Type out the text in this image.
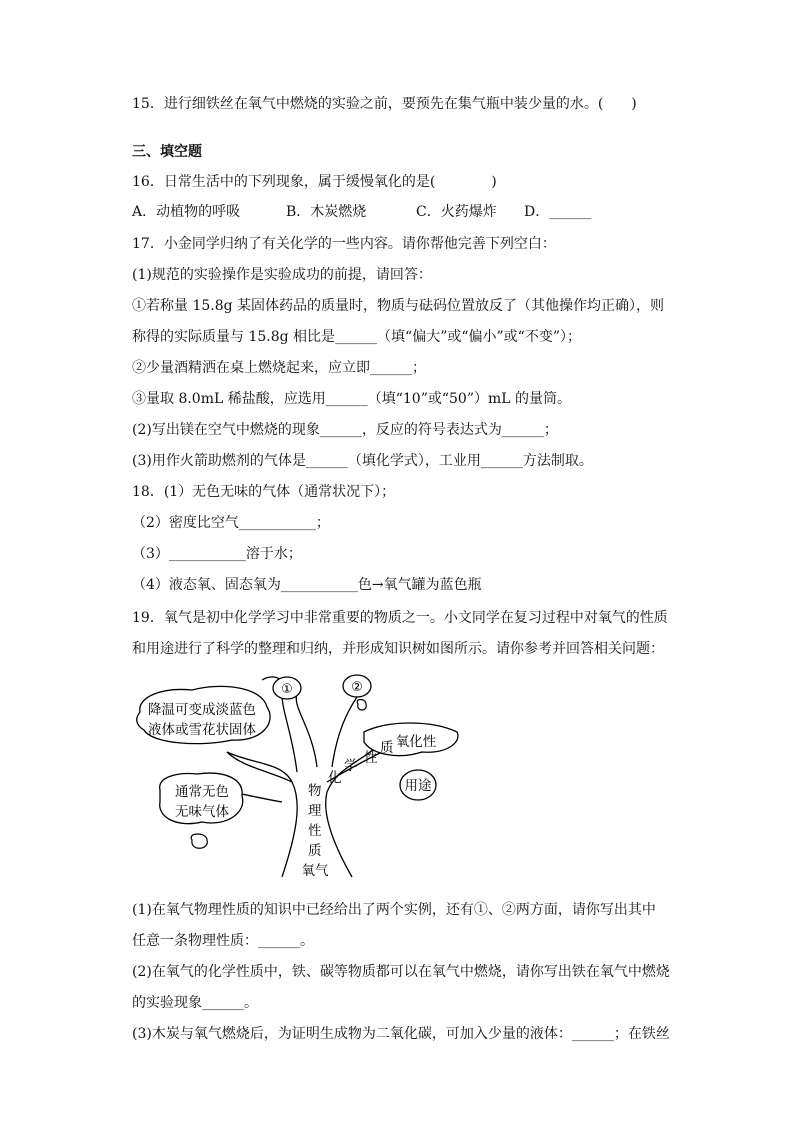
15．进行细铁丝在氧气中燃烧的实验之前，要预先在集气瓶中装少量的水。(　　)
三、填空题
16．日常生活中的下列现象，属于缓慢氧化的是(　　　　)
A．动植物的呼吸	B．木炭燃烧	C．火药爆炸	D．______
17．小金同学归纳了有关化学的一些内容。请你帮他完善下列空白：
(1)规范的实验操作是实验成功的前提，请回答：
①若称量 15.8g 某固体药品的质量时，物质与砝码位置放反了（其他操作均正确），则
称得的实际质量与 15.8g 相比是______（填“偏大”或“偏小”或“不变”）；
②少量酒精洒在桌上燃烧起来，应立即______；
③量取 8.0mL 稀盐酸，应选用______（填“10”或“50”）mL 的量筒。
(2)写出镁在空气中燃烧的现象______，反应的符号表达式为______；
(3)用作火箭助燃剂的气体是______（填化学式），工业用______方法制取。
18．(1）无色无味的气体（通常状况下）；
（2）密度比空气___________；
（3）___________溶于水；
（4）液态氧、固态氧为___________色→氧气罐为蓝色瓶
19．氧气是初中化学学习中非常重要的物质之一。小文同学在复习过程中对氧气的性质
和用途进行了科学的整理和归纳，并形成知识树如图所示。请你参考并回答相关问题：
降温可变成淡蓝色
液体或雪花状固体
通常无色
无味气体
①	②
氧化性
用途
化
学 性
质
物
理
性
质
氧气
(1)在氧气物理性质的知识中已经给出了两个实例，还有①、②两方面，请你写出其中
任意一条物理性质：______。
(2)在氧气的化学性质中，铁、碳等物质都可以在氧气中燃烧，请你写出铁在氧气中燃烧
的实验现象______。
(3)木炭与氧气燃烧后，为证明生成物为二氧化碳，可加入少量的液体：______；在铁丝
